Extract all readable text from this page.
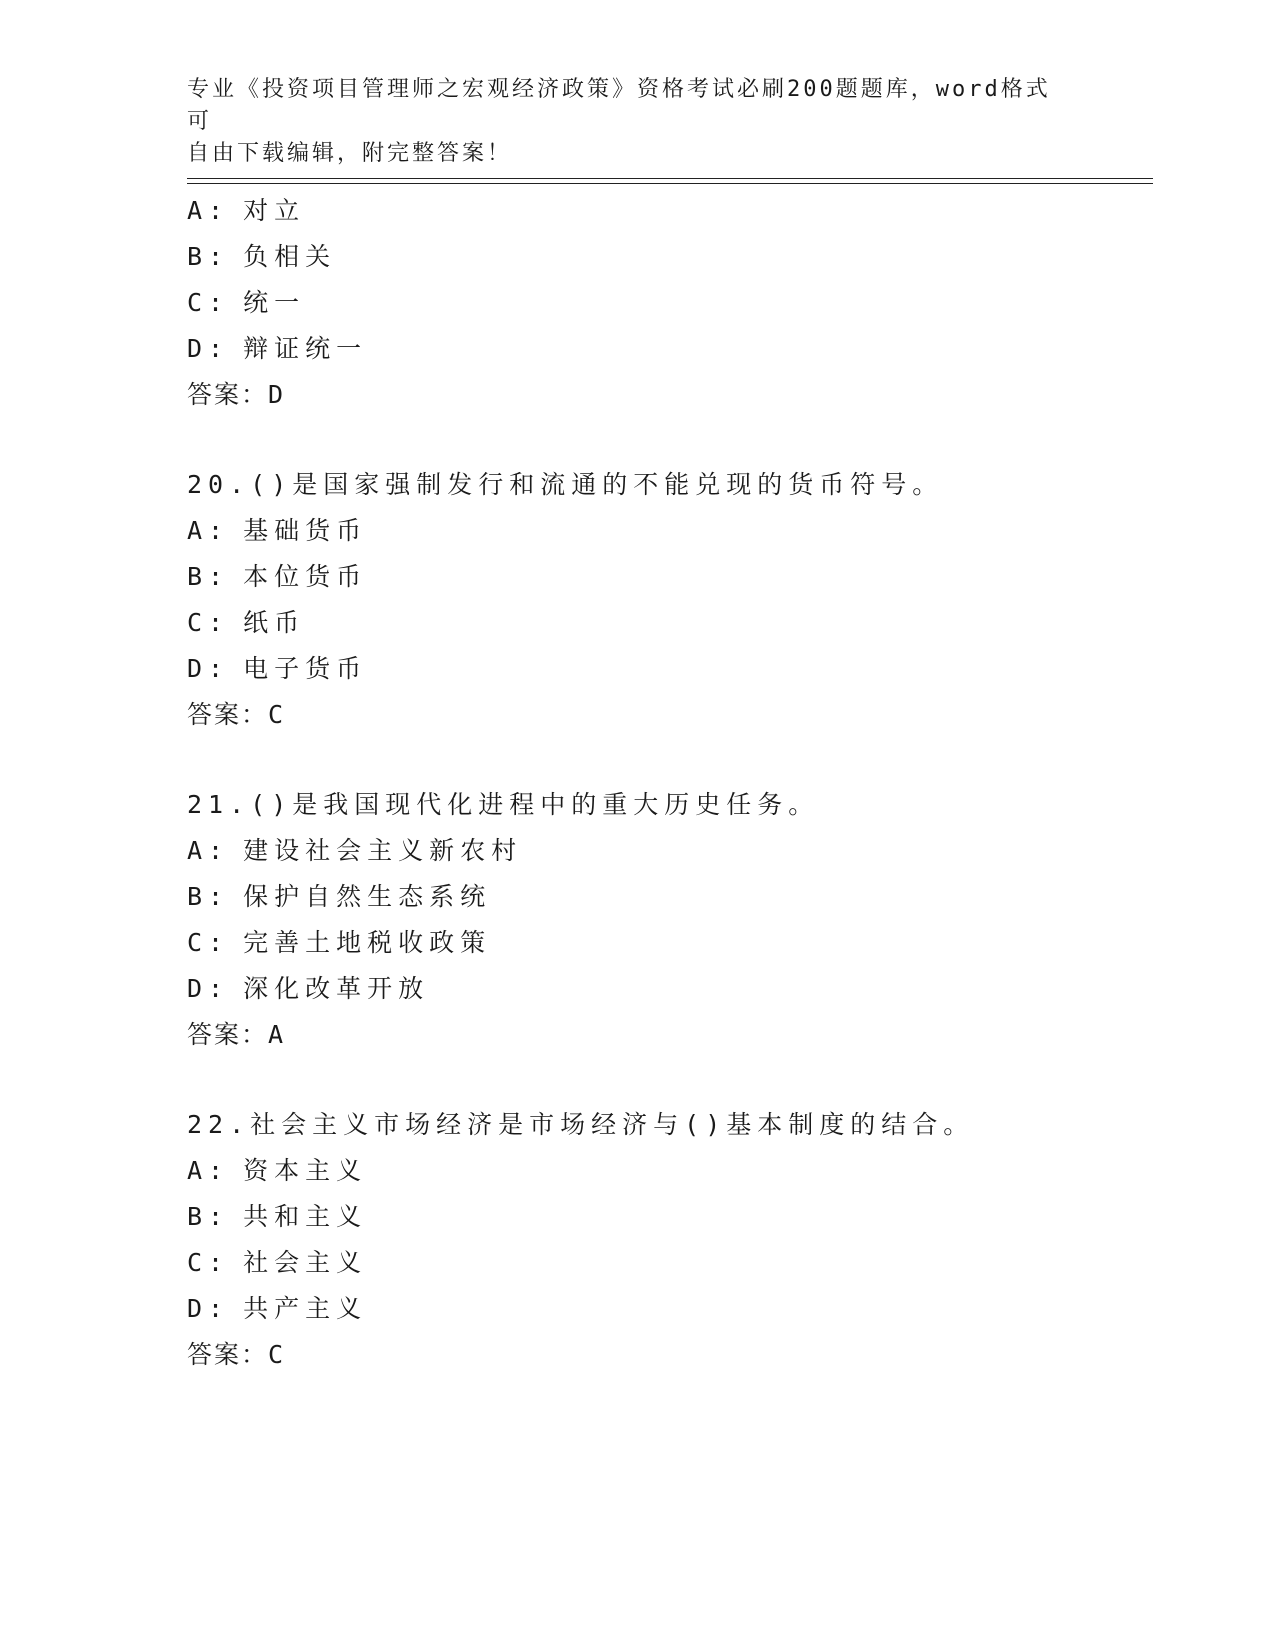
专业《投资项目管理师之宏观经济政策》资格考试必刷200题题库，word格式可
自由下载编辑，附完整答案！
A: 对立
B: 负相关
C: 统一
D: 辩证统一
答案：D
20.()是国家强制发行和流通的不能兑现的货币符号。
A: 基础货币
B: 本位货币
C: 纸币
D: 电子货币
答案：C
21.()是我国现代化进程中的重大历史任务。
A: 建设社会主义新农村
B: 保护自然生态系统
C: 完善土地税收政策
D: 深化改革开放
答案：A
22.社会主义市场经济是市场经济与()基本制度的结合。
A: 资本主义
B: 共和主义
C: 社会主义
D: 共产主义
答案：C
